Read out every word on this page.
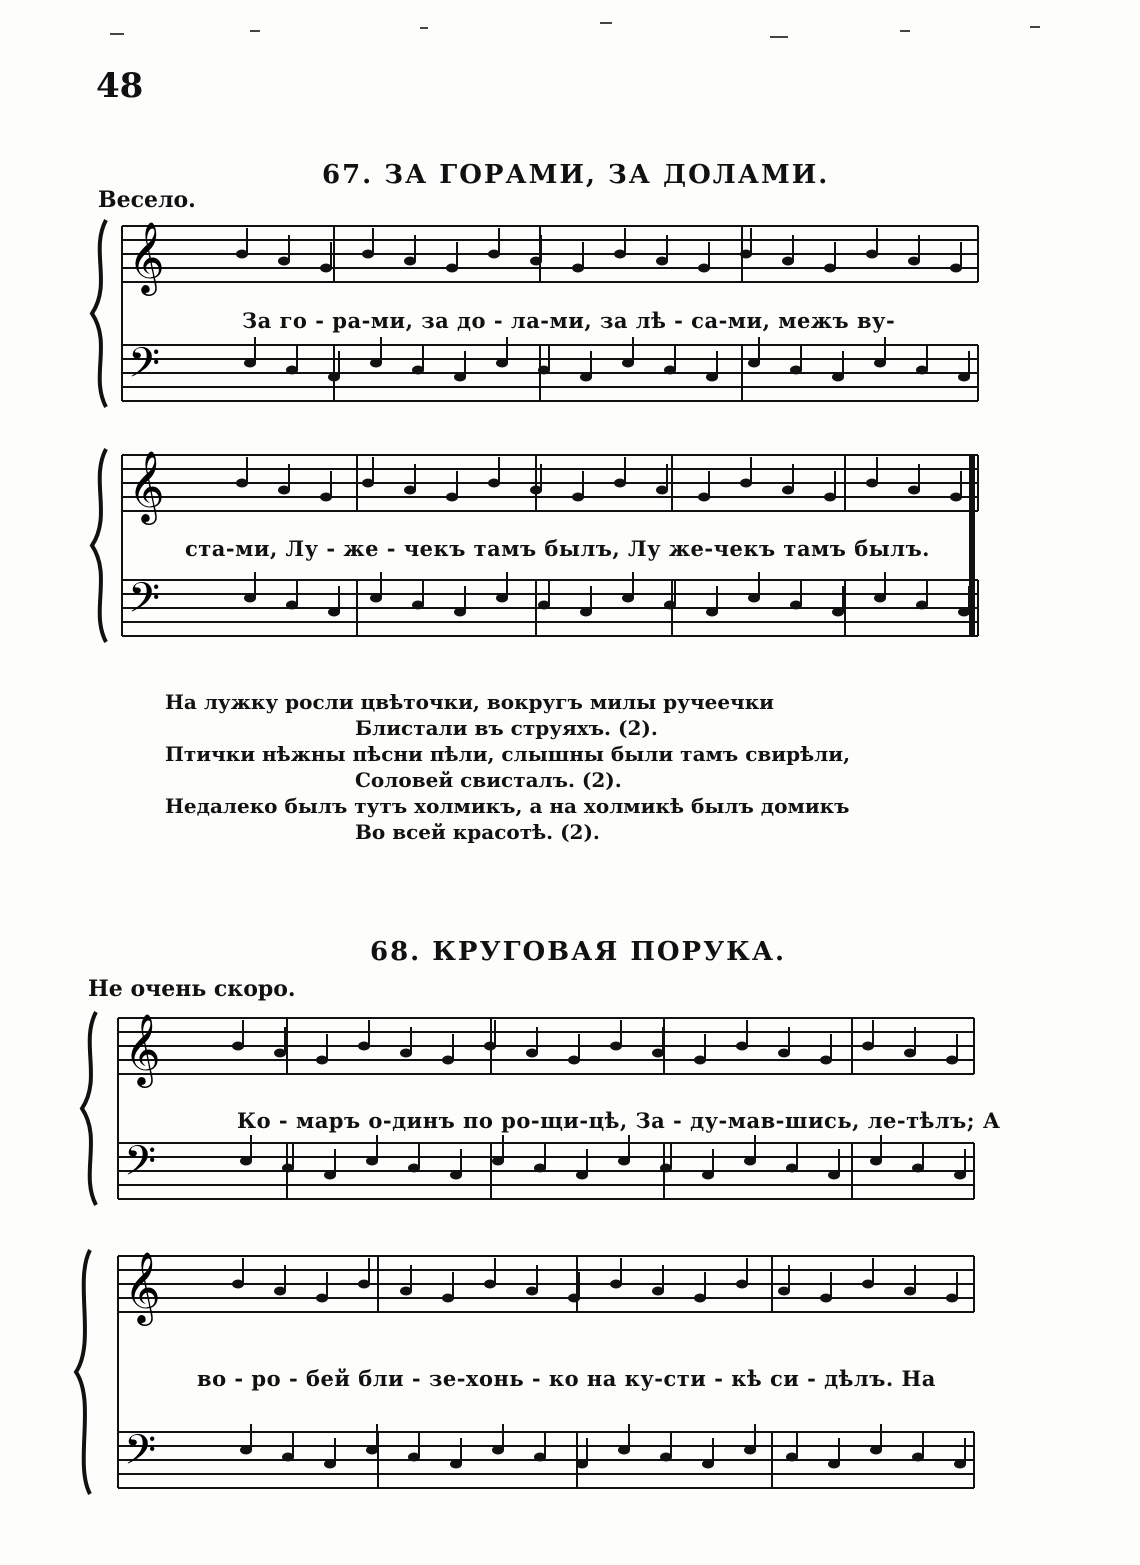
48
67. ЗА ГОРАМИ, ЗА ДОЛАМИ.
Весело.
За го - ра-ми, за до - ла-ми, за лѣ - са-ми, межъ ву-
ста-ми, Лу - же - чекъ тамъ былъ, Лу же-чекъ тамъ былъ.
На лужку росли цвѣточки, вокругъ милы ручеечки
Блистали въ струяхъ. (2).
Птички нѣжны пѣсни пѣли, слышны были тамъ свирѣли,
Соловей свисталъ. (2).
Недалеко былъ тутъ холмикъ, а на холмикѣ былъ домикъ
Во всей красотѣ. (2).
68. КРУГОВАЯ ПОРУКА.
Не очень скоро.
Ко - маръ о-динъ по ро-щи-цѣ, За - ду-мав-шись, ле-тѣлъ; А
во - ро - бей бли - зе-хонь - ко на ку-сти - кѣ си - дѣлъ. На
𝄞
𝄢
𝄞
𝄢
𝄞
𝄢
𝄞
𝄢
